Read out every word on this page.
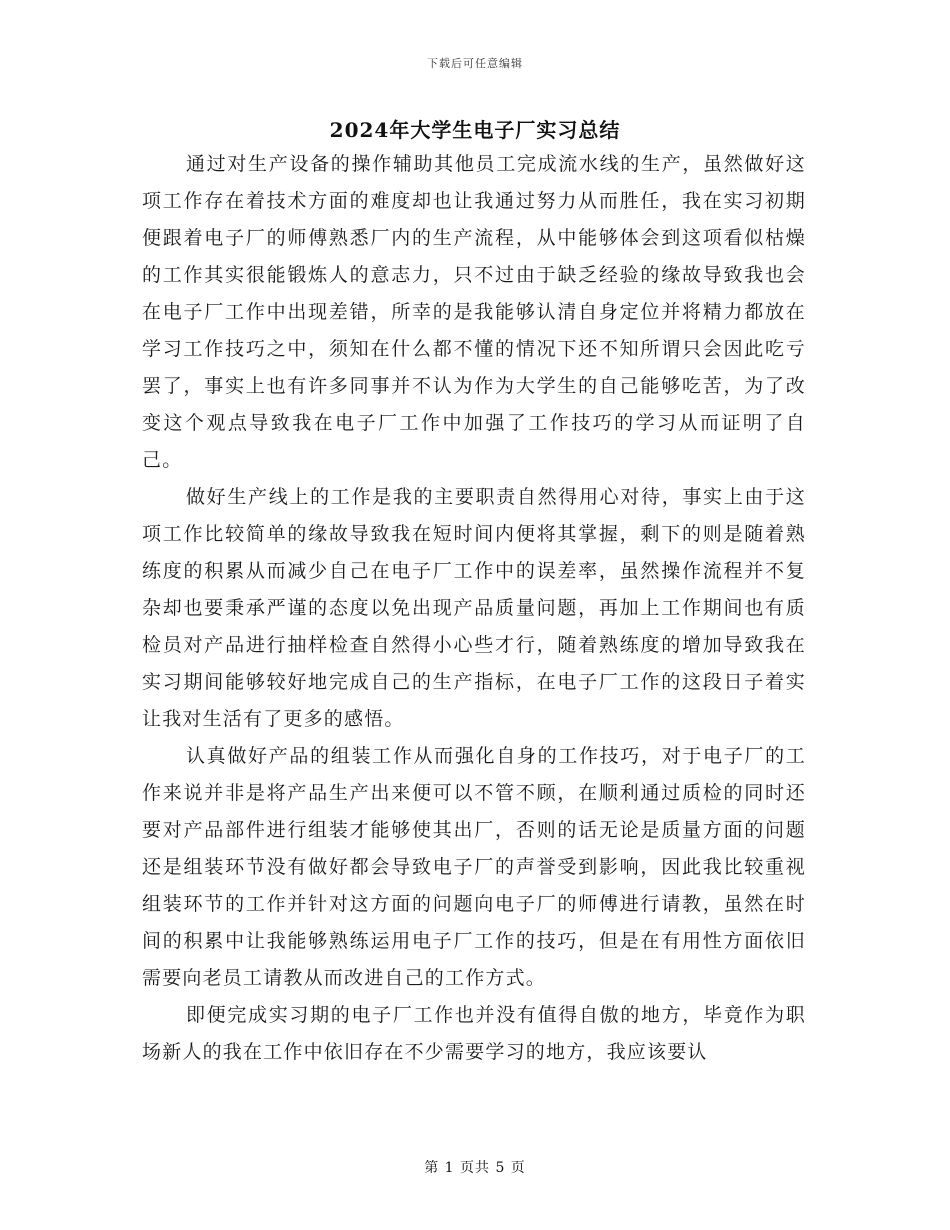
下载后可任意编辑
2024年大学生电子厂实习总结

通过对生产设备的操作辅助其他员工完成流水线的生产，虽然做好这项工作存在着技术方面的难度却也让我通过努力从而胜任，我在实习初期便跟着电子厂的师傅熟悉厂内的生产流程，从中能够体会到这项看似枯燥的工作其实很能锻炼人的意志力，只不过由于缺乏经验的缘故导致我也会在电子厂工作中出现差错，所幸的是我能够认清自身定位并将精力都放在学习工作技巧之中，须知在什么都不懂的情况下还不知所谓只会因此吃亏罢了，事实上也有许多同事并不认为作为大学生的自己能够吃苦，为了改变这个观点导致我在电子厂工作中加强了工作技巧的学习从而证明了自己。

做好生产线上的工作是我的主要职责自然得用心对待，事实上由于这项工作比较简单的缘故导致我在短时间内便将其掌握，剩下的则是随着熟练度的积累从而减少自己在电子厂工作中的误差率，虽然操作流程并不复杂却也要秉承严谨的态度以免出现产品质量问题，再加上工作期间也有质检员对产品进行抽样检查自然得小心些才行，随着熟练度的增加导致我在实习期间能够较好地完成自己的生产指标，在电子厂工作的这段日子着实让我对生活有了更多的感悟。

认真做好产品的组装工作从而强化自身的工作技巧，对于电子厂的工作来说并非是将产品生产出来便可以不管不顾，在顺利通过质检的同时还要对产品部件进行组装才能够使其出厂，否则的话无论是质量方面的问题还是组装环节没有做好都会导致电子厂的声誉受到影响，因此我比较重视组装环节的工作并针对这方面的问题向电子厂的师傅进行请教，虽然在时间的积累中让我能够熟练运用电子厂工作的技巧，但是在有用性方面依旧需要向老员工请教从而改进自己的工作方式。

即便完成实习期的电子厂工作也并没有值得自傲的地方，毕竟作为职场新人的我在工作中依旧存在不少需要学习的地方，我应该要认

第 1 页共 5 页
